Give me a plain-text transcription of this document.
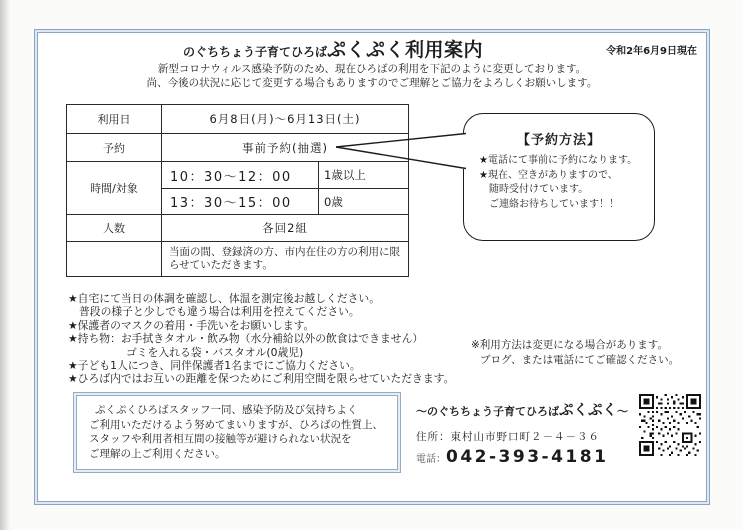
のぐちちょう子育てひろばぷくぷく利用案内	令和2年6月9日現在
新型コロナウィルス感染予防のため、現在ひろばの利用を下記のように変更しております。
尚、今後の状況に応じて変更する場合もありますのでご理解とご協力をよろしくお願いします。
利用日	6月8日(月)～6月13日(土)	
予約	事前予約(抽選)	
時間/対象	10：30～12：00	1歳以上
	13：30～15：00	0歳
人数	各回2組	
	当面の間、登録済の方、市内在住の方の利用に限らせていただきます。	
【予約方法】
★電話にて事前に予約になります。
★現在、空きがありますので、
随時受付けています。
ご連絡お待ちしています！！
★自宅にて当日の体調を確認し、体温を測定後お越しください。
普段の様子と少しでも違う場合は利用を控えてください。
★保護者のマスクの着用・手洗いをお願いします。
★持ち物：お手拭きタオル・飲み物（水分補給以外の飲食はできません）
ゴミを入れる袋・バスタオル(0歳児)
★子ども1人につき、同伴保護者1名までにご協力ください。
★ひろば内ではお互いの距離を保つためにご利用空間を限らせていただきます。
※利用方法は変更になる場合があります。
ブログ、または電話にてご確認ください。
ぷくぷくひろばスタッフ一同、感染予防及び気持ちよく
ご利用いただけるよう努めてまいりますが、ひろばの性質上、
スタッフや利用者相互間の接触等が避けられない状況を
ご理解の上ご利用ください。
～のぐちちょう子育てひろばぷくぷく～
住所：東村山市野口町２－４－３６
電話：042-393-4181
